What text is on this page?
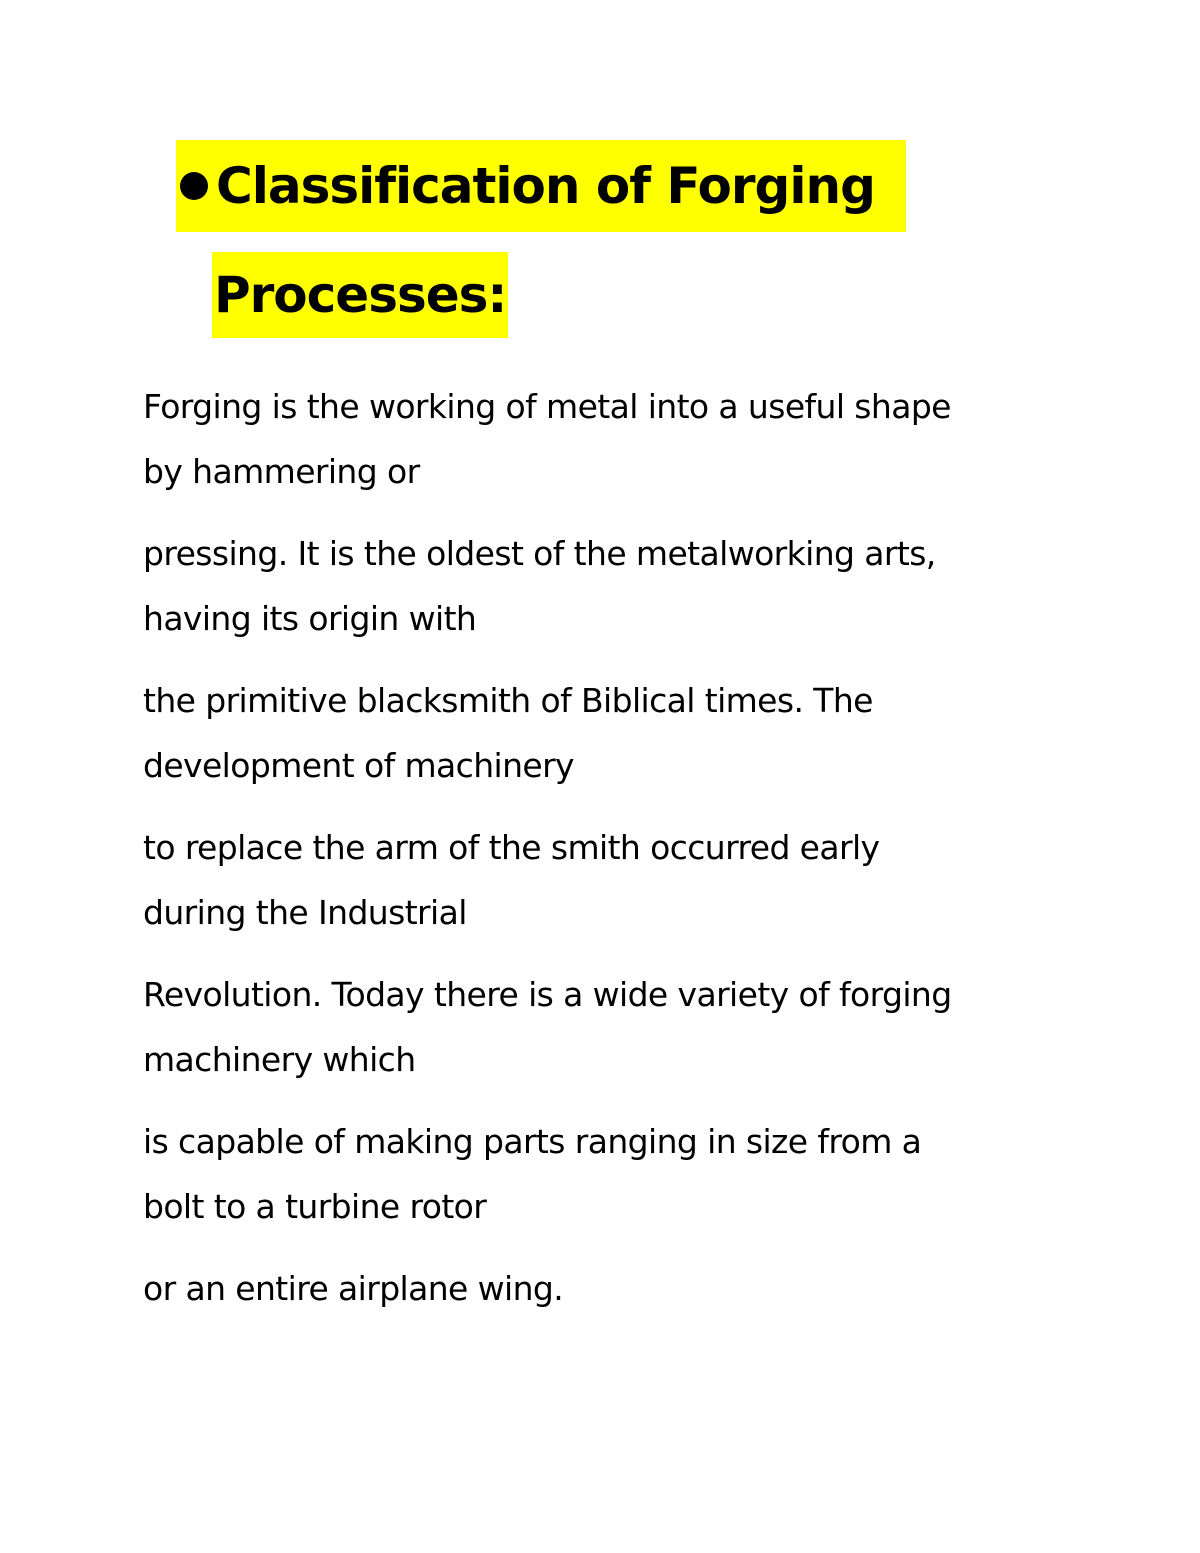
Classification of Forging
Processes:

Forging is the working of metal into a useful shape
by hammering or

pressing. It is the oldest of the metalworking arts,
having its origin with

the primitive blacksmith of Biblical times. The
development of machinery

to replace the arm of the smith occurred early
during the Industrial

Revolution. Today there is a wide variety of forging
machinery which

is capable of making parts ranging in size from a
bolt to a turbine rotor

or an entire airplane wing.
